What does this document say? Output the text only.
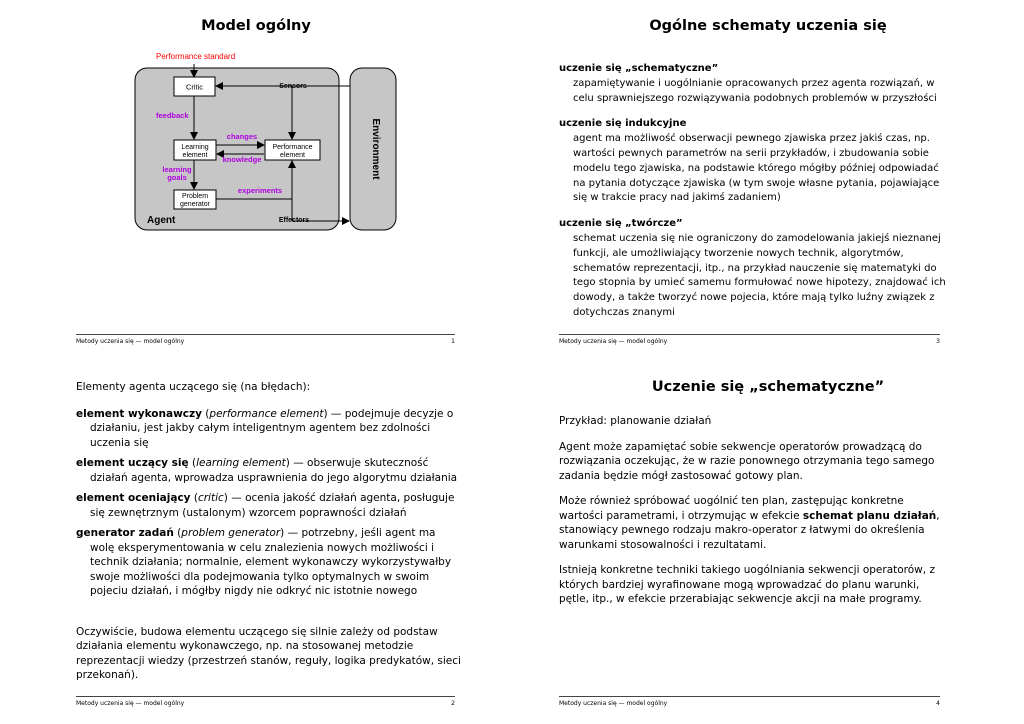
Model ogólny
Environment
Performance standard
Critic	Sensors
feedback
Learning
element
Performance
element
changes
knowledge
learning
goals
Problem
generator
experiments
Effectors
Agent
Metody uczenia się — model ogólny	1
Ogólne schematy uczenia się
uczenie się „schematyczne”
zapamiętywanie i uogólnianie opracowanych przez agenta rozwiązań, w celu sprawniejszego rozwiązywania podobnych problemów w przyszłości
uczenie się indukcyjne
agent ma możliwość obserwacji pewnego zjawiska przez jakiś czas, np. wartości pewnych parametrów na serii przykładów, i zbudowania sobie modelu tego zjawiska, na podstawie którego mógłby później odpowiadać na pytania dotyczące zjawiska (w tym swoje własne pytania, pojawiające się w trakcie pracy nad jakimś zadaniem)
uczenie się „twórcze”
schemat uczenia się nie ograniczony do zamodelowania jakiejś nieznanej funkcji, ale umożliwiający tworzenie nowych technik, algorytmów, schematów reprezentacji, itp., na przykład nauczenie się matematyki do tego stopnia by umieć samemu formułować nowe hipotezy, znajdować ich dowody, a także tworzyć nowe pojecia, które mają tylko luźny związek z dotychczas znanymi
Metody uczenia się — model ogólny	3
Elementy agenta uczącego się (na błędach):
element wykonawczy (performance element) — podejmuje decyzje o działaniu, jest jakby całym inteligentnym agentem bez zdolności uczenia się
element uczący się (learning element) — obserwuje skuteczność działań agenta, wprowadza usprawnienia do jego algorytmu działania
element oceniający (critic) — ocenia jakość działań agenta, posługuje się zewnętrznym (ustalonym) wzorcem poprawności działań
generator zadań (problem generator) — potrzebny, jeśli agent ma wolę eksperymentowania w celu znalezienia nowych możliwości i technik działania; normalnie, element wykonawczy wykorzystywałby swoje możliwości dla podejmowania tylko optymalnych w swoim pojeciu działań, i mógłby nigdy nie odkryć nic istotnie nowego
Oczywiście, budowa elementu uczącego się silnie zależy od podstaw działania elementu wykonawczego, np. na stosowanej metodzie reprezentacji wiedzy (przestrzeń stanów, reguły, logika predykatów, sieci przekonań).
Metody uczenia się — model ogólny	2
Uczenie się „schematyczne”

Przykład: planowanie działań

Agent może zapamiętać sobie sekwencje operatorów prowadzącą do rozwiązania oczekując, że w razie ponownego otrzymania tego samego zadania będzie mógł zastosować gotowy plan.

Może również spróbować uogólnić ten plan, zastępując konkretne wartości parametrami, i otrzymując w efekcie schemat planu działań, stanowiący pewnego rodzaju makro-operator z łatwymi do określenia warunkami stosowalności i rezultatami.

Istnieją konkretne techniki takiego uogólniania sekwencji operatorów, z których bardziej wyrafinowane mogą wprowadzać do planu warunki, pętle, itp., w efekcie przerabiając sekwencje akcji na małe programy.

Metody uczenia się — model ogólny	4
